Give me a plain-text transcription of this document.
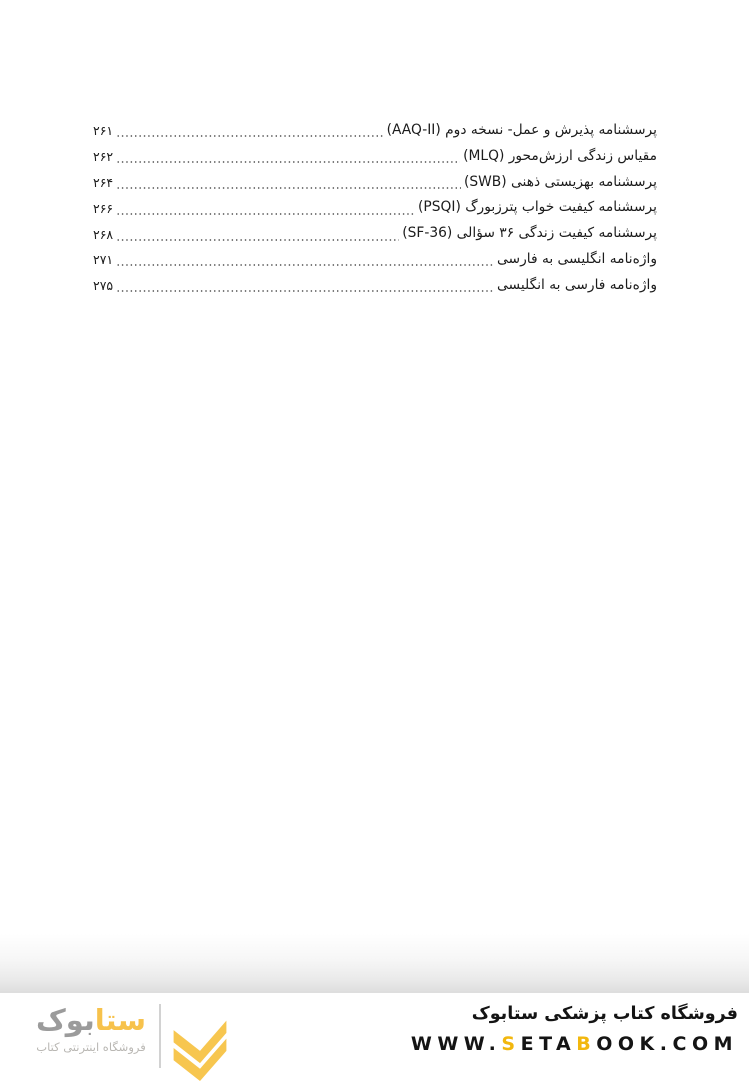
پرسشنامه پذیرش و عمل- نسخه دوم (AAQ-II)
۲۶۱
مقیاس زندگی ارزش‌محور (MLQ)
۲۶۲
پرسشنامه بهزیستی ذهنی (SWB)
۲۶۴
پرسشنامه کیفیت خواب پترزبورگ (PSQI)
۲۶۶
پرسشنامه کیفیت زندگی ۳۶ سؤالی (SF-36)
۲۶۸
واژه‌نامه انگلیسی به فارسی
۲۷۱
واژه‌نامه فارسی به انگلیسی
۲۷۵
ستابوک
فروشگاه اینترنتی کتاب
فروشگاه کتاب پزشکی ستابوک
WWW.SETABOOK.COM
